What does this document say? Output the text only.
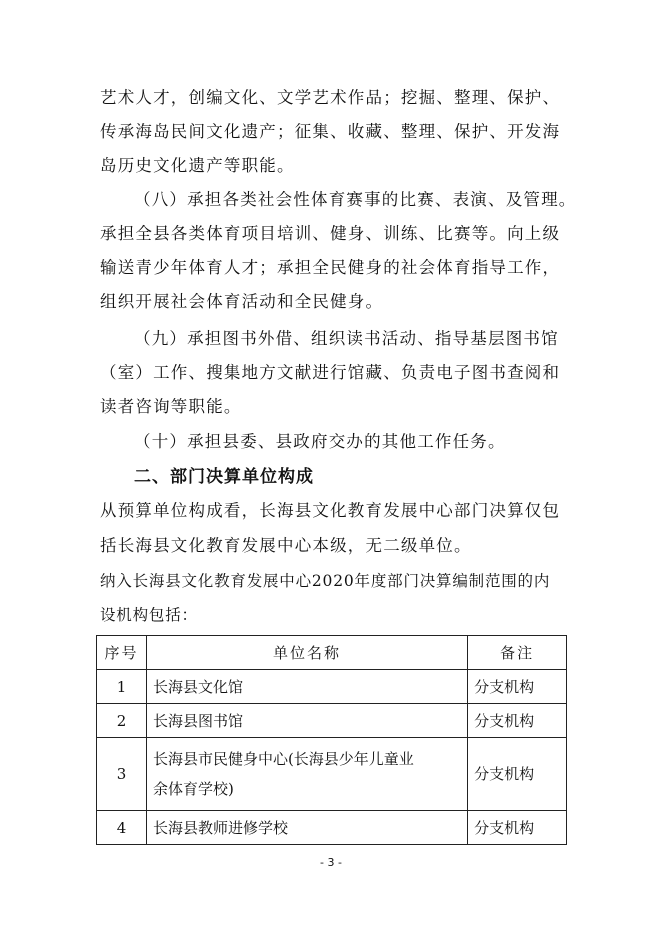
艺术人才，创编文化、文学艺术作品；挖掘、整理、保护、
传承海岛民间文化遗产；征集、收藏、整理、保护、开发海
岛历史文化遗产等职能。
（八）承担各类社会性体育赛事的比赛、表演、及管理。
承担全县各类体育项目培训、健身、训练、比赛等。向上级
输送青少年体育人才；承担全民健身的社会体育指导工作，
组织开展社会体育活动和全民健身。
（九）承担图书外借、组织读书活动、指导基层图书馆
（室）工作、搜集地方文献进行馆藏、负责电子图书查阅和
读者咨询等职能。
（十）承担县委、县政府交办的其他工作任务。
二、部门决算单位构成
从预算单位构成看，长海县文化教育发展中心部门决算仅包
括长海县文化教育发展中心本级，无二级单位。
纳入长海县文化教育发展中心2020年度部门决算编制范围的内
设机构包括：
序号	单位名称	备注
1	长海县文化馆	分支机构
2	长海县图书馆	分支机构
3	长海县市民健身中心(长海县少年儿童业
余体育学校)	分支机构
4	长海县教师进修学校	分支机构
- 3 -
